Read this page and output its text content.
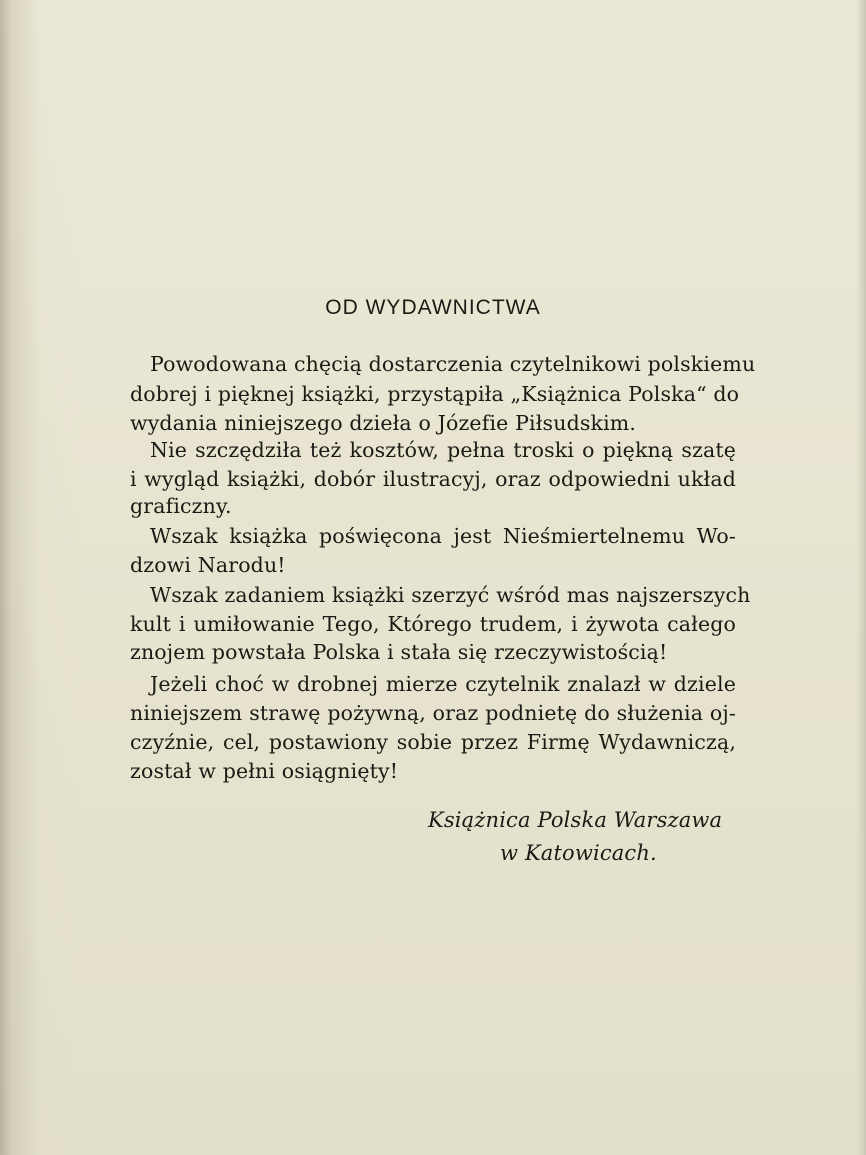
OD WYDAWNICTWA
Powodowana chęcią dostarczenia czytelnikowi polskiemu
dobrej i pięknej książki, przystąpiła „Książnica Polska“ do
wydania niniejszego dzieła o Józefie Piłsudskim.
Nie szczędziła też kosztów, pełna troski o piękną szatę
i wygląd książki, dobór ilustracyj, oraz odpowiedni układ
graficzny.
Wszak książka poświęcona jest Nieśmiertelnemu Wo-
dzowi Narodu!
Wszak zadaniem książki szerzyć wśród mas najszerszych
kult i umiłowanie Tego, Którego trudem, i żywota całego
znojem powstała Polska i stała się rzeczywistością!
Jeżeli choć w drobnej mierze czytelnik znalazł w dziele
niniejszem strawę pożywną, oraz podnietę do służenia oj-
czyźnie, cel, postawiony sobie przez Firmę Wydawniczą,
został w pełni osiągnięty!
Książnica Polska Warszawa
w Katowicach.
